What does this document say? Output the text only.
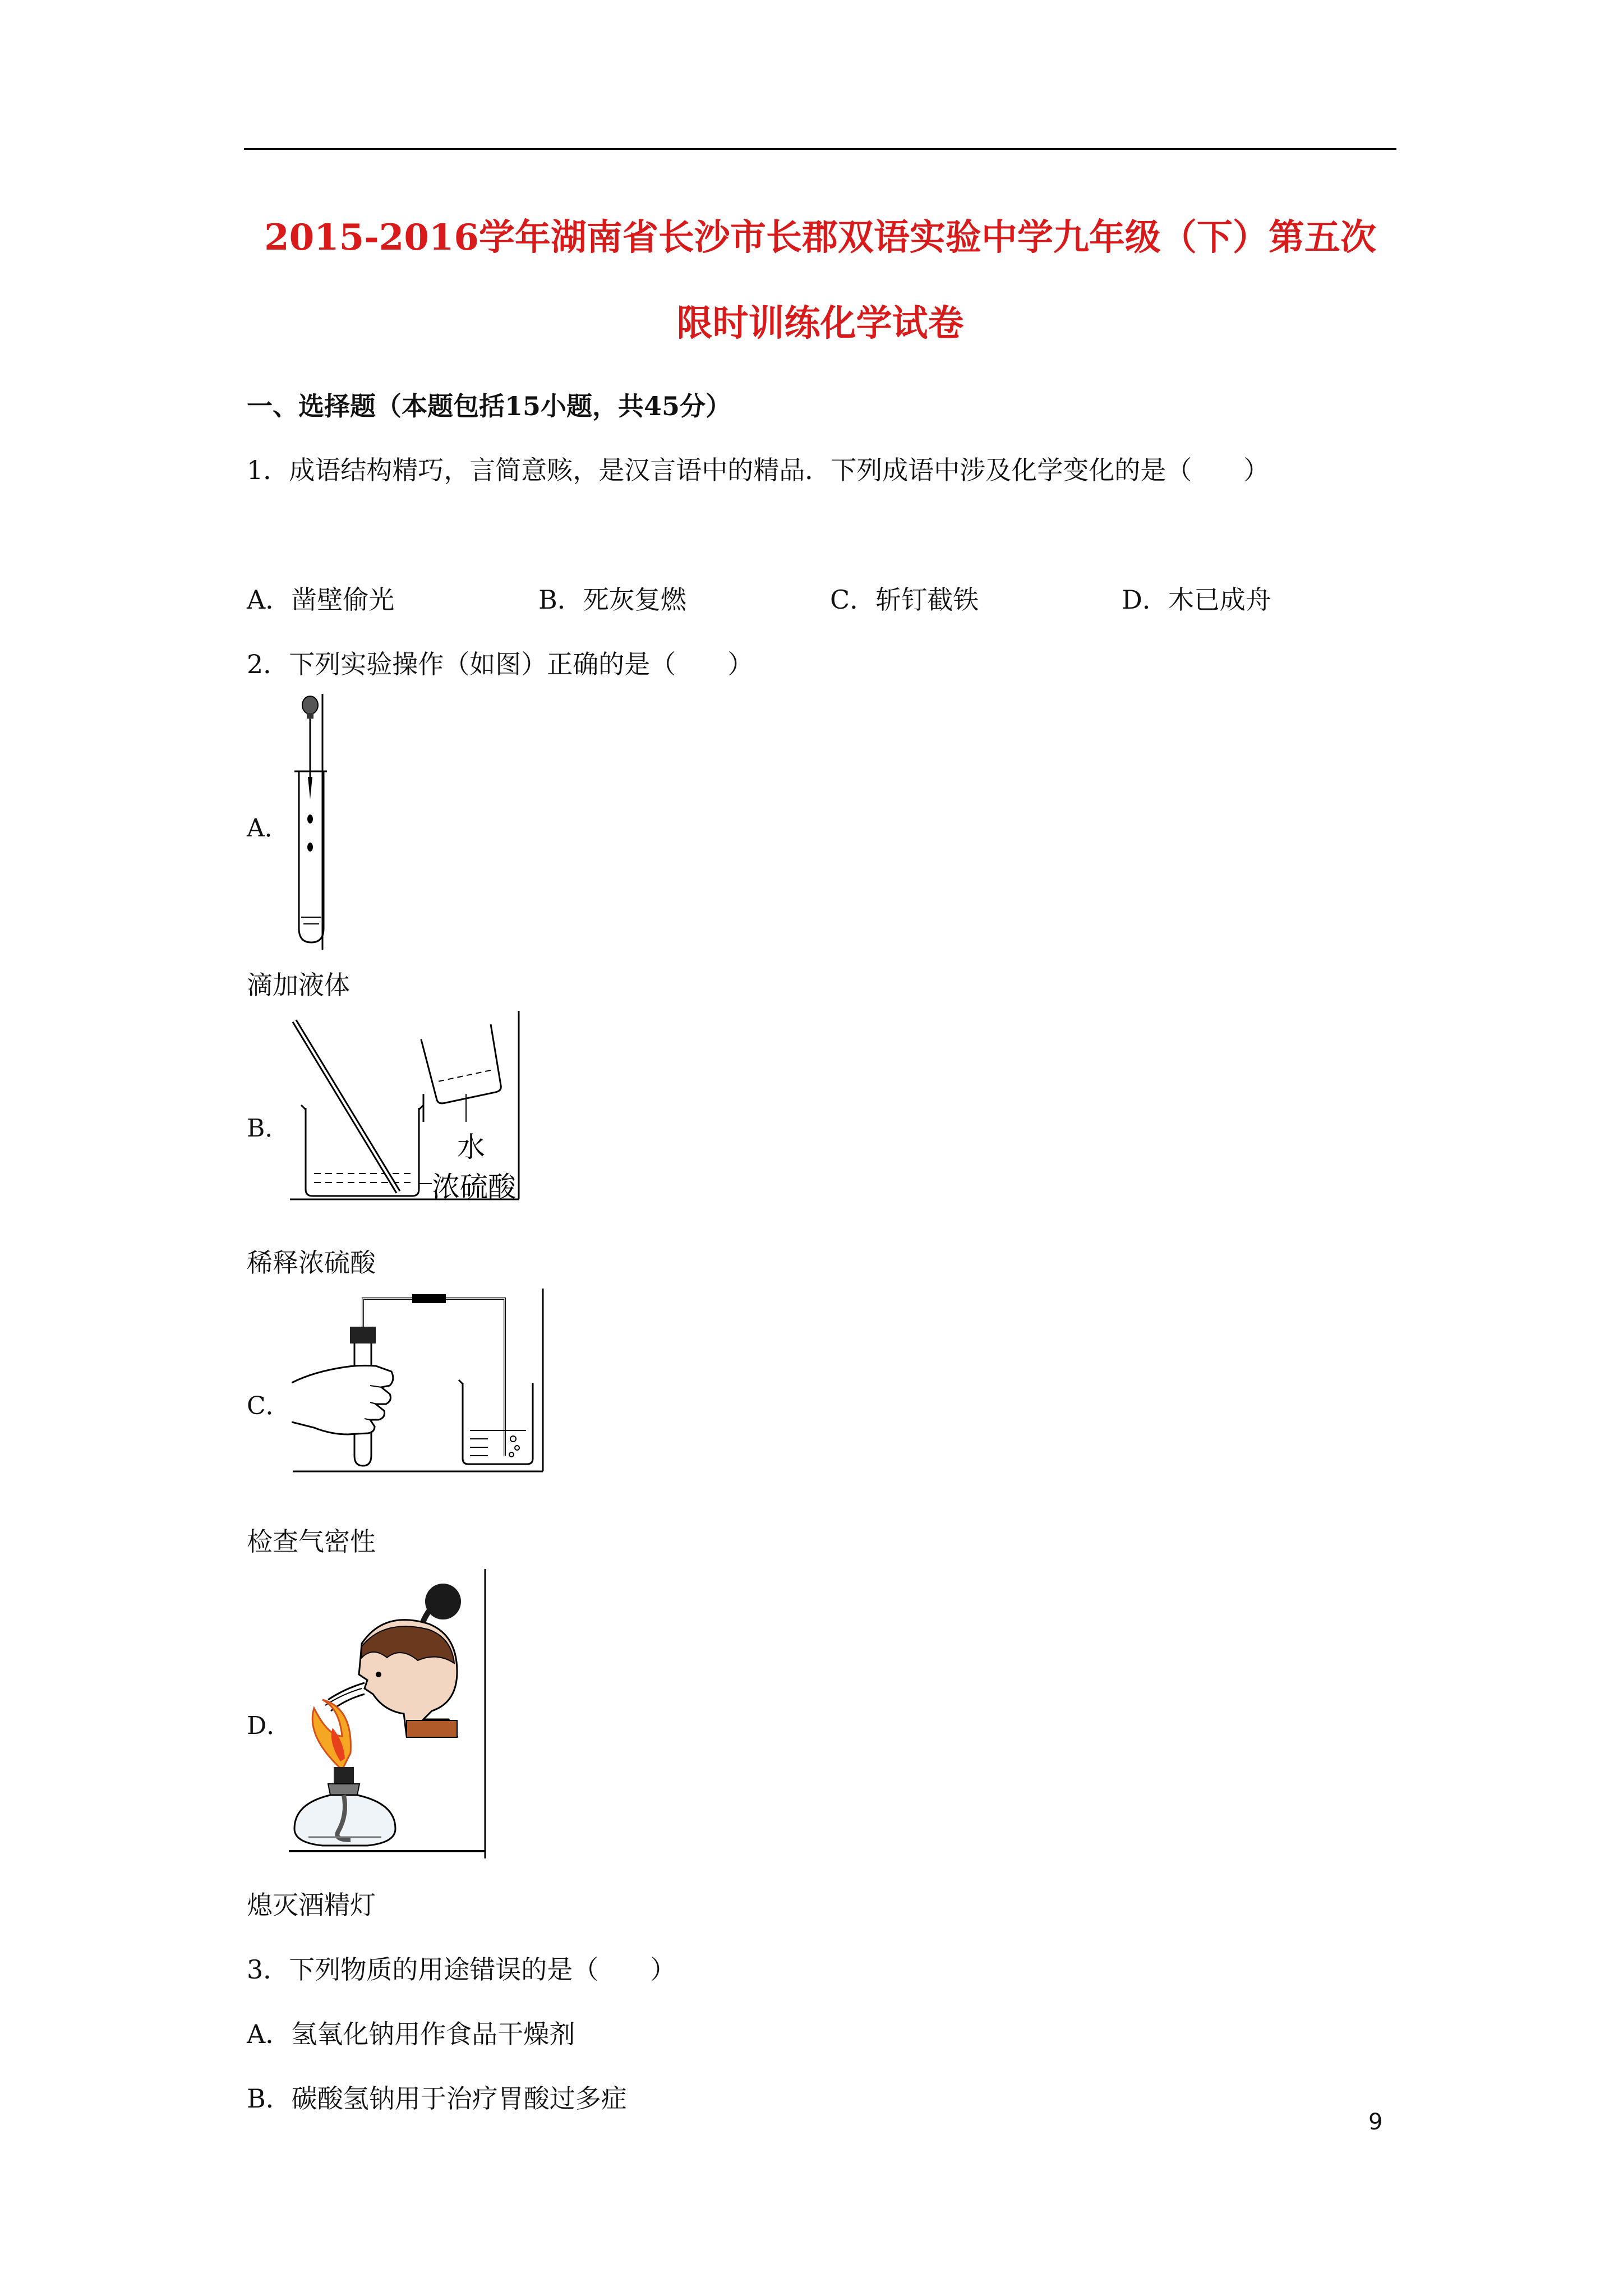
2015-2016学年湖南省长沙市长郡双语实验中学九年级（下）第五次
限时训练化学试卷
一、选择题（本题包括15小题，共45分）
1．成语结构精巧，言简意赅，是汉言语中的精品．下列成语中涉及化学变化的是（　　）
A．凿壁偷光	B．死灰复燃	C．斩钉截铁	D．木已成舟
2．下列实验操作（如图）正确的是（　　）
A．
滴加液体
B．
水
浓硫酸
稀释浓硫酸
C．
检查气密性
D．
熄灭酒精灯
3．下列物质的用途错误的是（　　）
A．氢氧化钠用作食品干燥剂
B．碳酸氢钠用于治疗胃酸过多症
9
